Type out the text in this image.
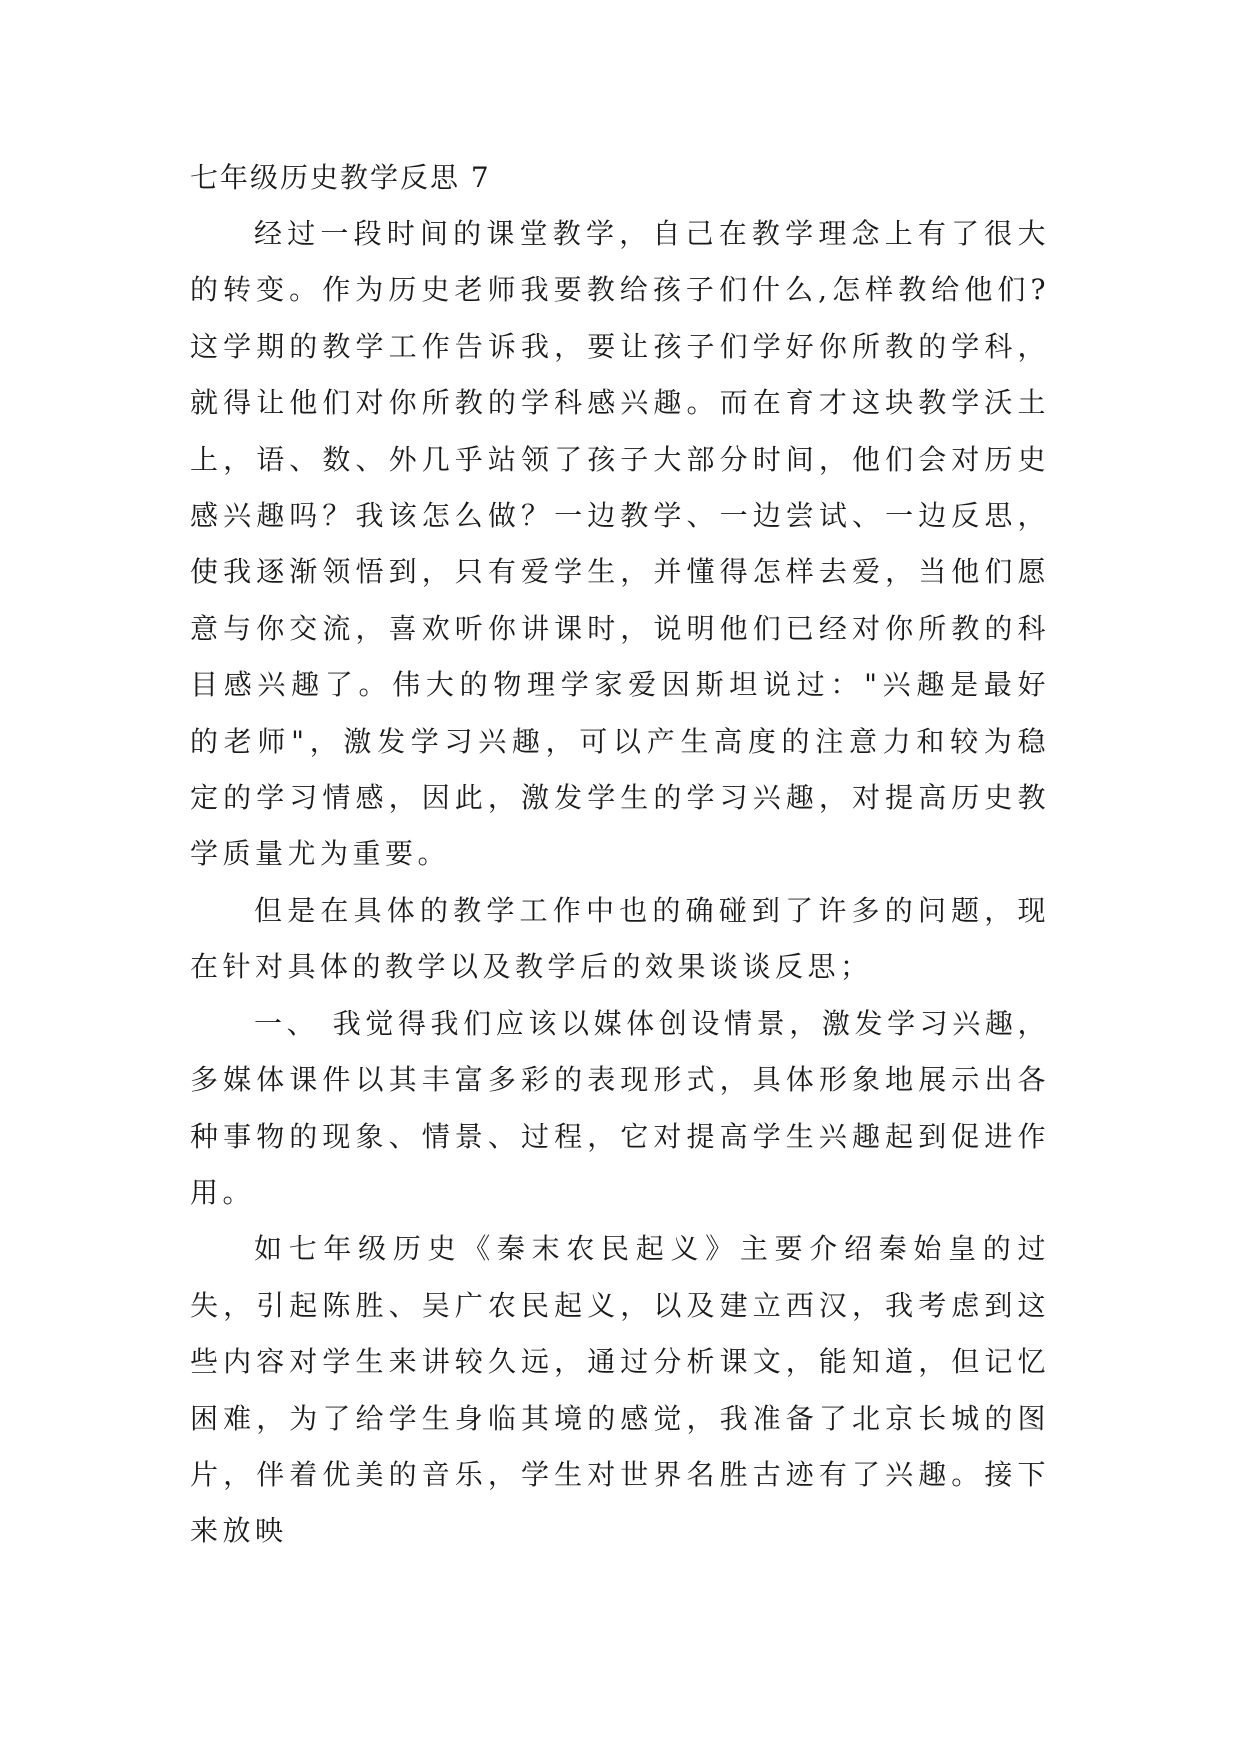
七年级历史教学反思 7

经过一段时间的课堂教学，自己在教学理念上有了很大的转变。作为历史老师我要教给孩子们什么,怎样教给他们?这学期的教学工作告诉我，要让孩子们学好你所教的学科，就得让他们对你所教的学科感兴趣。而在育才这块教学沃土上，语、数、外几乎站领了孩子大部分时间，他们会对历史感兴趣吗？我该怎么做？一边教学、一边尝试、一边反思，使我逐渐领悟到，只有爱学生，并懂得怎样去爱，当他们愿意与你交流，喜欢听你讲课时，说明他们已经对你所教的科目感兴趣了。伟大的物理学家爱因斯坦说过："兴趣是最好的老师"，激发学习兴趣，可以产生高度的注意力和较为稳定的学习情感，因此，激发学生的学习兴趣，对提高历史教学质量尤为重要。

但是在具体的教学工作中也的确碰到了许多的问题，现在针对具体的教学以及教学后的效果谈谈反思；

一、 我觉得我们应该以媒体创设情景，激发学习兴趣，多媒体课件以其丰富多彩的表现形式，具体形象地展示出各种事物的现象、情景、过程，它对提高学生兴趣起到促进作用。

如七年级历史《秦末农民起义》主要介绍秦始皇的过失，引起陈胜、吴广农民起义，以及建立西汉，我考虑到这些内容对学生来讲较久远，通过分析课文，能知道，但记忆困难，为了给学生身临其境的感觉，我准备了北京长城的图片，伴着优美的音乐，学生对世界名胜古迹有了兴趣。接下来放映
